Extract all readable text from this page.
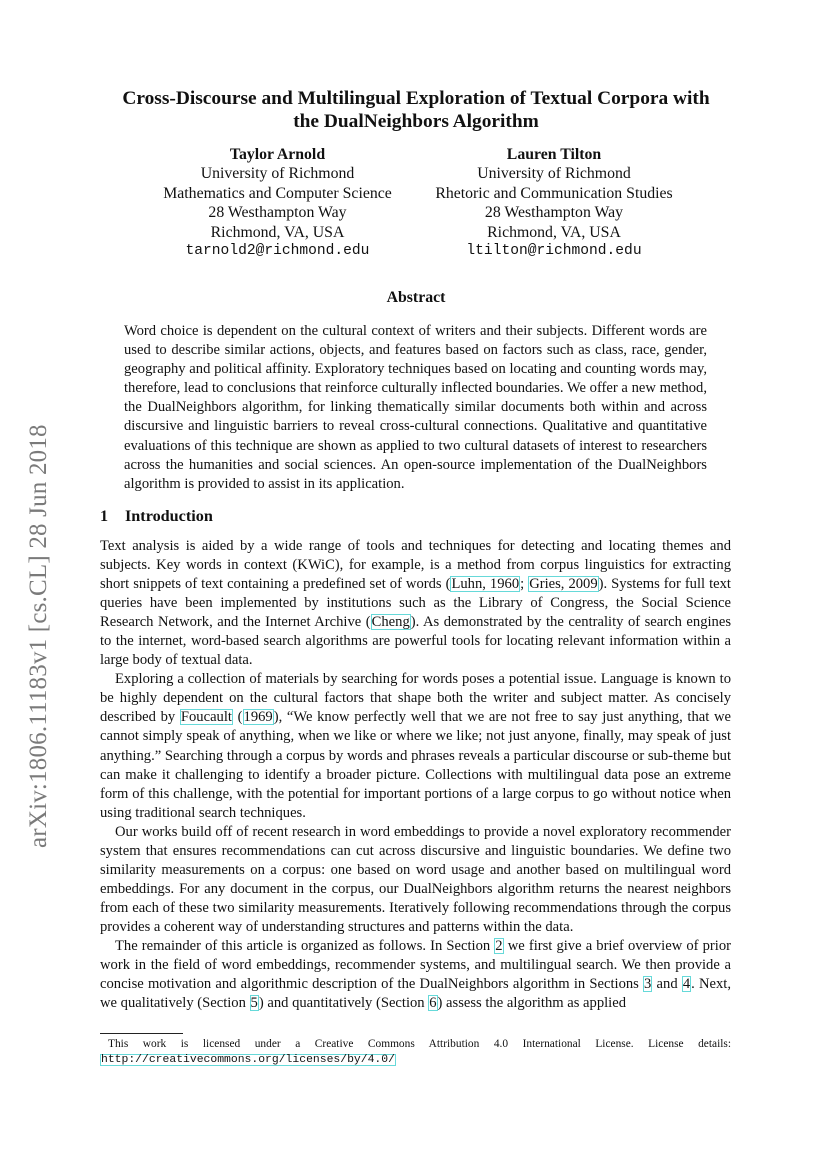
arXiv:1806.11183v1 [cs.CL] 28 Jun 2018
Cross-Discourse and Multilingual Exploration of Textual Corpora with
the DualNeighbors Algorithm
Taylor Arnold
University of Richmond
Mathematics and Computer Science
28 Westhampton Way
Richmond, VA, USA
tarnold2@richmond.edu
Lauren Tilton
University of Richmond
Rhetoric and Communication Studies
28 Westhampton Way
Richmond, VA, USA
ltilton@richmond.edu
Abstract
Word choice is dependent on the cultural context of writers and their subjects. Different words are used to describe similar actions, objects, and features based on factors such as class, race, gender, geography and political affinity. Exploratory techniques based on locating and counting words may, therefore, lead to conclusions that reinforce culturally inflected boundaries. We offer a new method, the DualNeighbors algorithm, for linking thematically similar documents both within and across discursive and linguistic barriers to reveal cross-cultural connections. Qualitative and quantitative evaluations of this technique are shown as applied to two cultural datasets of interest to researchers across the humanities and social sciences. An open-source implementation of the DualNeighbors algorithm is provided to assist in its application.
1 Introduction

Text analysis is aided by a wide range of tools and techniques for detecting and locating themes and subjects. Key words in context (KWiC), for example, is a method from corpus linguistics for extracting short snippets of text containing a predefined set of words (Luhn, 1960; Gries, 2009). Systems for full text queries have been implemented by institutions such as the Library of Congress, the Social Science Research Network, and the Internet Archive (Cheng). As demonstrated by the centrality of search engines to the internet, word-based search algorithms are powerful tools for locating relevant information within a large body of textual data.

Exploring a collection of materials by searching for words poses a potential issue. Language is known to be highly dependent on the cultural factors that shape both the writer and subject matter. As concisely described by Foucault (1969), “We know perfectly well that we are not free to say just anything, that we cannot simply speak of anything, when we like or where we like; not just anyone, finally, may speak of just anything.” Searching through a corpus by words and phrases reveals a particular discourse or sub-theme but can make it challenging to identify a broader picture. Collections with multilingual data pose an extreme form of this challenge, with the potential for important portions of a large corpus to go without notice when using traditional search techniques.

Our works build off of recent research in word embeddings to provide a novel exploratory recommender system that ensures recommendations can cut across discursive and linguistic boundaries. We define two similarity measurements on a corpus: one based on word usage and another based on multilingual word embeddings. For any document in the corpus, our DualNeighbors algorithm returns the nearest neighbors from each of these two similarity measurements. Iteratively following recommendations through the corpus provides a coherent way of understanding structures and patterns within the data.

The remainder of this article is organized as follows. In Section 2 we first give a brief overview of prior work in the field of word embeddings, recommender systems, and multilingual search. We then provide a concise motivation and algorithmic description of the DualNeighbors algorithm in Sections 3 and 4. Next, we qualitatively (Section 5) and quantitatively (Section 6) assess the algorithm as applied

This work is licensed under a Creative Commons Attribution 4.0 International License. License details: http://creativecommons.org/licenses/by/4.0/
